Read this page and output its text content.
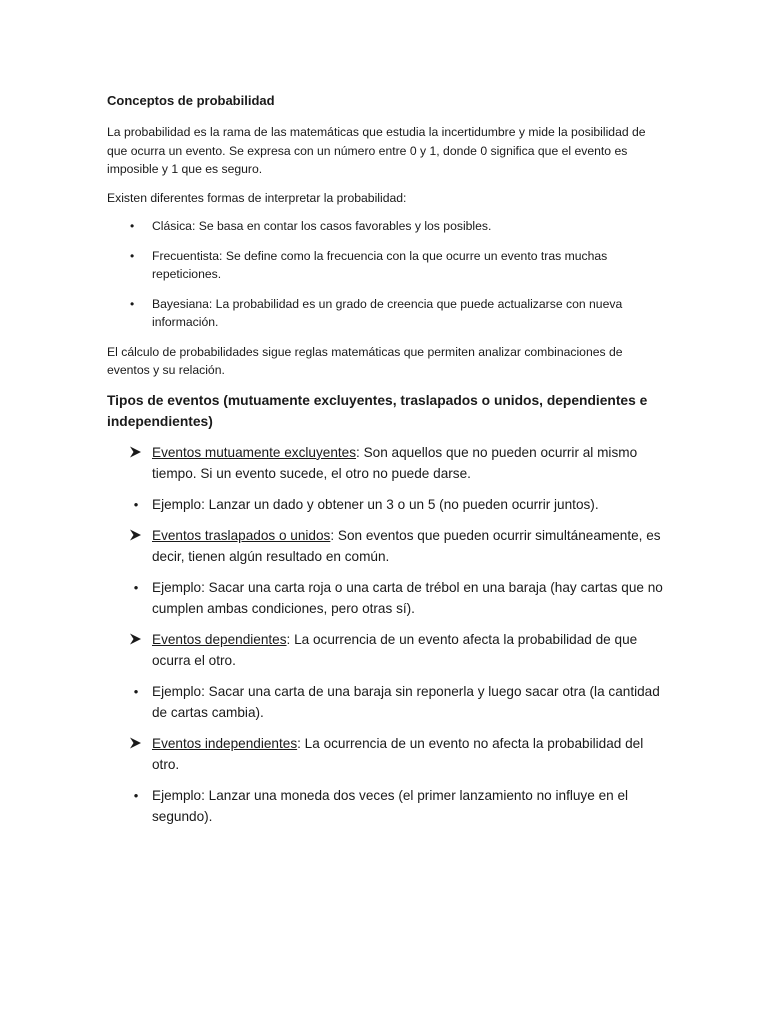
Conceptos de probabilidad

La probabilidad es la rama de las matemáticas que estudia la incertidumbre y mide la posibilidad de que ocurra un evento. Se expresa con un número entre 0 y 1, donde 0 significa que el evento es imposible y 1 que es seguro.

Existen diferentes formas de interpretar la probabilidad:

• Clásica: Se basa en contar los casos favorables y los posibles.
• Frecuentista: Se define como la frecuencia con la que ocurre un evento tras muchas repeticiones.
• Bayesiana: La probabilidad es un grado de creencia que puede actualizarse con nueva información.

El cálculo de probabilidades sigue reglas matemáticas que permiten analizar combinaciones de eventos y su relación.

Tipos de eventos (mutuamente excluyentes, traslapados o unidos, dependientes e independientes)
Eventos mutuamente excluyentes: Son aquellos que no pueden ocurrir al mismo tiempo. Si un evento sucede, el otro no puede darse.
•	Ejemplo: Lanzar un dado y obtener un 3 o un 5 (no pueden ocurrir juntos).
Eventos traslapados o unidos: Son eventos que pueden ocurrir simultáneamente, es decir, tienen algún resultado en común.
•	Ejemplo: Sacar una carta roja o una carta de trébol en una baraja (hay cartas que no cumplen ambas condiciones, pero otras sí).
Eventos dependientes: La ocurrencia de un evento afecta la probabilidad de que ocurra el otro.
•	Ejemplo: Sacar una carta de una baraja sin reponerla y luego sacar otra (la cantidad de cartas cambia).
Eventos independientes: La ocurrencia de un evento no afecta la probabilidad del otro.
•	Ejemplo: Lanzar una moneda dos veces (el primer lanzamiento no influye en el segundo).
